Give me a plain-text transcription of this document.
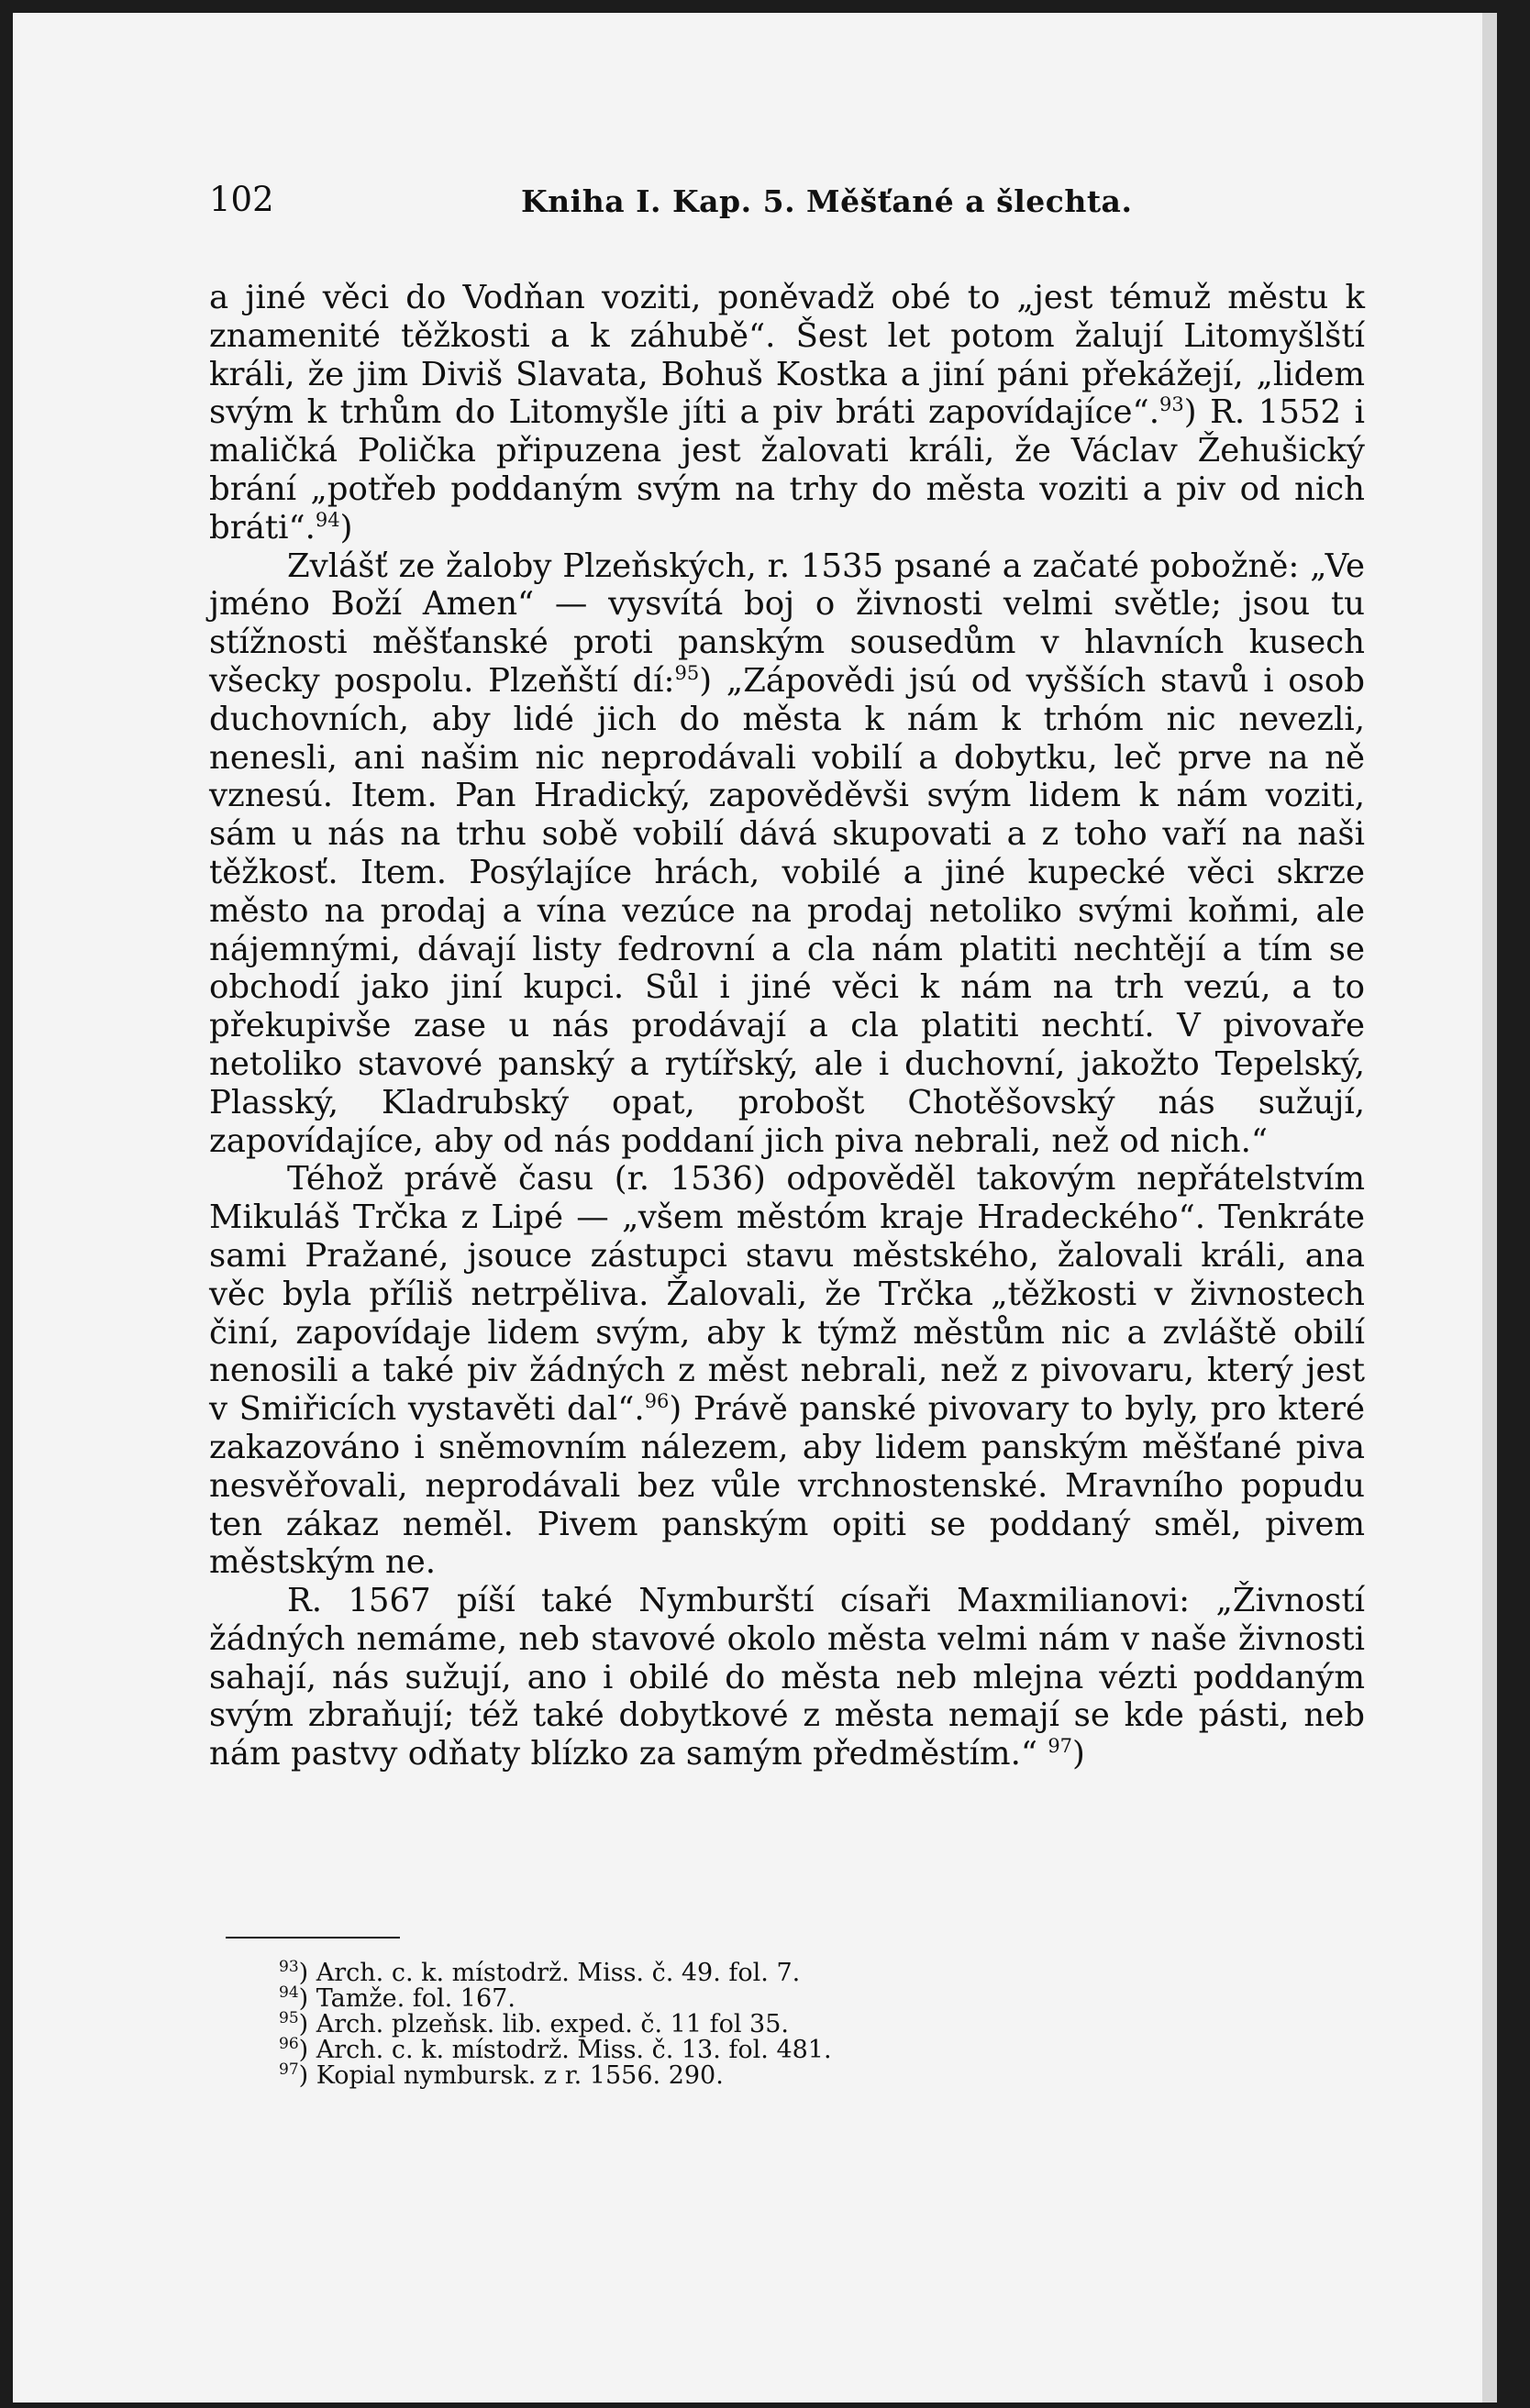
102	Kniha I. Kap. 5. Měšťané a šlechta.

a jiné věci do Vodňan voziti, poněvadž obé to „jest témuž městu k znamenité těžkosti a k záhubě“. Šest let potom žalují Litomyšlští králi, že jim Diviš Slavata, Bohuš Kostka a jiní páni překážejí, „lidem svým k trhům do Litomyšle jíti a piv bráti zapovídajíce“.$^{93}$) R. 1552 i maličká Polička připuzena jest žalovati králi, že Václav Žehušický brání „potřeb poddaným svým na trhy do města voziti a piv od nich bráti“.$^{94}$)

Zvlášť ze žaloby Plzeňských, r. 1535 psané a začaté pobožně: „Ve jméno Boží Amen“ — vysvítá boj o živnosti velmi světle; jsou tu stížnosti měšťanské proti panským sousedům v hlavních kusech všecky pospolu. Plzeňští dí:$^{95}$) „Zápovědi jsú od vyšších stavů i osob duchovních, aby lidé jich do města k nám k trhóm nic nevezli, nenesli, ani našim nic neprodávali vobilí a dobytku, leč prve na ně vznesú. Item. Pan Hradický, zapověděvši svým lidem k nám voziti, sám u nás na trhu sobě vobilí dává skupovati a z toho vaří na naši těžkosť. Item. Posýlajíce hrách, vobilé a jiné kupecké věci skrze město na prodaj a vína vezúce na prodaj netoliko svými koňmi, ale nájemnými, dávají listy fedrovní a cla nám platiti nechtějí a tím se obchodí jako jiní kupci. Sůl i jiné věci k nám na trh vezú, a to překupivše zase u nás prodávají a cla platiti nechtí. V pivovaře netoliko stavové panský a rytířský, ale i duchovní, jakožto Tepelský, Plasský, Kladrubský opat, probošt Chotěšovský nás sužují, zapovídajíce, aby od nás poddaní jich piva nebrali, než od nich.“

Téhož právě času (r. 1536) odpověděl takovým nepřátelstvím Mikuláš Trčka z Lipé — „všem městóm kraje Hradeckého“. Tenkráte sami Pražané, jsouce zástupci stavu městského, žalovali králi, ana věc byla příliš netrpěliva. Žalovali, že Trčka „těžkosti v živnostech činí, zapovídaje lidem svým, aby k týmž městům nic a zvláště obilí nenosili a také piv žádných z měst nebrali, než z pivovaru, který jest v Smiřicích vystavěti dal“.$^{96}$) Právě panské pivovary to byly, pro které zakazováno i sněmovním nálezem, aby lidem panským měšťané piva nesvěřovali, neprodávali bez vůle vrchnostenské. Mravního popudu ten zákaz neměl. Pivem panským opiti se poddaný směl, pivem městským ne.

R. 1567 píší také Nymburští císaři Maxmilianovi: „Živností žádných nemáme, neb stavové okolo města velmi nám v naše živnosti sahají, nás sužují, ano i obilé do města neb mlejna vézti poddaným svým zbraňují; též také dobytkové z města nemají se kde pásti, neb nám pastvy odňaty blízko za samým předměstím.“ $^{97}$)

$^{93}$) Arch. c. k. místodrž. Miss. č. 49. fol. 7.
$^{94}$) Tamže. fol. 167.
$^{95}$) Arch. plzeňsk. lib. exped. č. 11 fol 35.
$^{96}$) Arch. c. k. místodrž. Miss. č. 13. fol. 481.
$^{97}$) Kopial nymbursk. z r. 1556. 290.
